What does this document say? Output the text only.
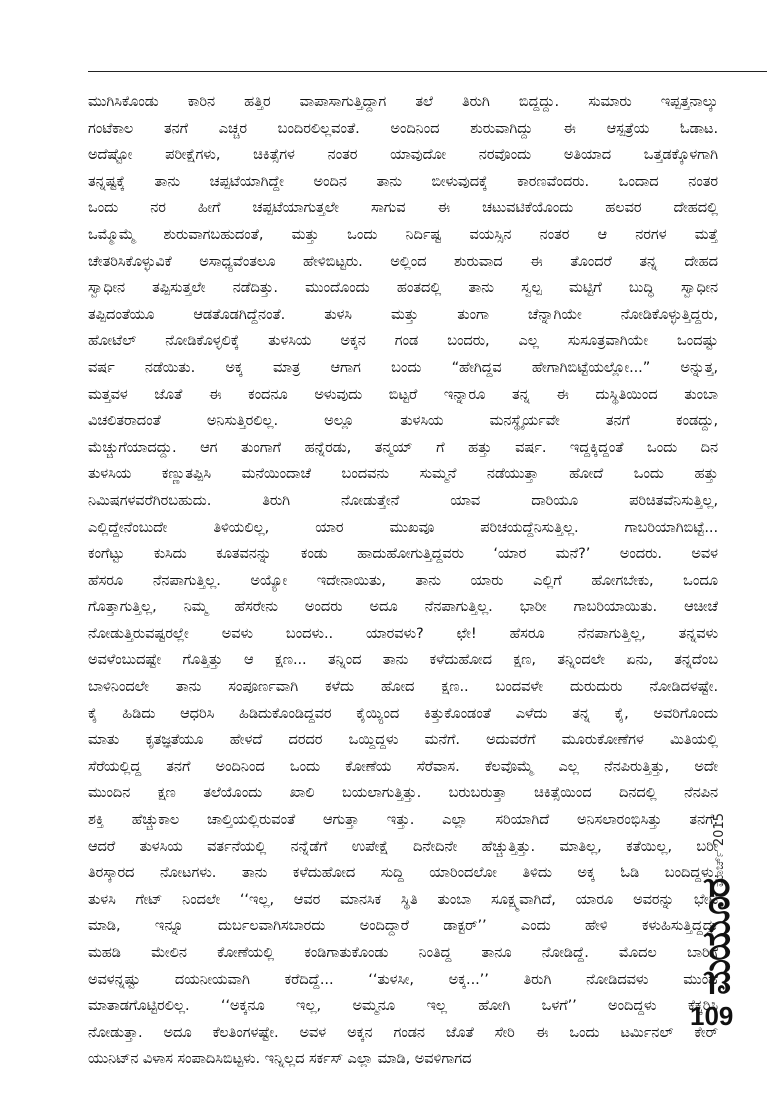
ಮುಗಿಸಿಕೊಂಡು ಕಾರಿನ ಹತ್ತಿರ ವಾಪಾಸಾಗುತ್ತಿದ್ದಾಗ ತಲೆ ತಿರುಗಿ ಬಿದ್ದದ್ದು. ಸುಮಾರು ಇಪ್ಪತ್ತನಾಲ್ಕು
ಗಂಟೆಕಾಲ ತನಗೆ ಎಚ್ಚರ ಬಂದಿರಲಿಲ್ಲವಂತೆ. ಅಂದಿನಿಂದ ಶುರುವಾಗಿದ್ದು ಈ ಆಸ್ಪತ್ರೆಯ ಓಡಾಟ.
ಅದೆಷ್ಟೋ ಪರೀಕ್ಷೆಗಳು, ಚಿಕಿತ್ಸೆಗಳ ನಂತರ ಯಾವುದೋ ನರವೊಂದು ಅತಿಯಾದ ಒತ್ತಡಕ್ಕೊಳಗಾಗಿ
ತನ್ನಷ್ಟಕ್ಕೆ ತಾನು ಚಪ್ಪಟೆಯಾಗಿದ್ದೇ ಅಂದಿನ ತಾನು ಬೀಳುವುದಕ್ಕೆ ಕಾರಣವೆಂದರು. ಒಂದಾದ ನಂತರ
ಒಂದು ನರ ಹೀಗೆ ಚಪ್ಪಟೆಯಾಗುತ್ತಲೇ ಸಾಗುವ ಈ ಚಟುವಟಿಕೆಯೊಂದು ಹಲವರ ದೇಹದಲ್ಲಿ
ಒಮ್ಮೊಮ್ಮೆ ಶುರುವಾಗಬಹುದಂತೆ, ಮತ್ತು ಒಂದು ನಿರ್ದಿಷ್ಟ ವಯಸ್ಸಿನ ನಂತರ ಆ ನರಗಳ ಮತ್ತೆ
ಚೇತರಿಸಿಕೊಳ್ಳುವಿಕೆ ಅಸಾಧ್ಯವೆಂತಲೂ ಹೇಳಿಬಿಟ್ಟರು. ಅಲ್ಲಿಂದ ಶುರುವಾದ ಈ ತೊಂದರೆ ತನ್ನ ದೇಹದ
ಸ್ವಾಧೀನ ತಪ್ಪಿಸುತ್ತಲೇ ನಡೆದಿತ್ತು. ಮುಂದೊಂದು ಹಂತದಲ್ಲಿ ತಾನು ಸ್ವಲ್ಪ ಮಟ್ಟಿಗೆ ಬುದ್ಧಿ ಸ್ವಾಧೀನ
ತಪ್ಪಿದಂತೆಯೂ ಆಡತೊಡಗಿದ್ದೆನಂತೆ. ತುಳಸಿ ಮತ್ತು ತುಂಗಾ ಚೆನ್ನಾಗಿಯೇ ನೋಡಿಕೊಳ್ಳುತ್ತಿದ್ದರು,
ಹೋಟೆಲ್ ನೋಡಿಕೊಳ್ಳಲಿಕ್ಕೆ ತುಳಸಿಯ ಅಕ್ಕನ ಗಂಡ ಬಂದರು, ಎಲ್ಲ ಸುಸೂತ್ರವಾಗಿಯೇ ಒಂದಷ್ಟು
ವರ್ಷ ನಡೆಯಿತು. ಅಕ್ಕ ಮಾತ್ರ ಆಗಾಗ ಬಂದು “ಹೇಗಿದ್ದವ ಹೇಗಾಗಿಬಿಟ್ಟೆಯಲ್ಲೋ...” ಅನ್ನುತ್ತ,
ಮತ್ತವಳ ಜೊತೆ ಈ ಕಂದನೂ ಅಳುವುದು ಬಿಟ್ಟರೆ ಇನ್ನಾರೂ ತನ್ನ ಈ ದುಸ್ಥಿತಿಯಿಂದ ತುಂಬಾ
ವಿಚಲಿತರಾದಂತೆ ಅನಿಸುತ್ತಿರಲಿಲ್ಲ. ಅಲ್ಲೂ ತುಳಸಿಯ ಮನಸ್ಥೈರ್ಯವೇ ತನಗೆ ಕಂಡದ್ದು,
ಮೆಚ್ಚುಗೆಯಾದದ್ದು. ಆಗ ತುಂಗಾಗೆ ಹನ್ನೆರಡು, ತನ್ಮಯ್ ಗೆ ಹತ್ತು ವರ್ಷ. ಇದ್ದಕ್ಕಿದ್ದಂತೆ ಒಂದು ದಿನ
ತುಳಸಿಯ ಕಣ್ಣುತಪ್ಪಿಸಿ ಮನೆಯಿಂದಾಚೆ ಬಂದವನು ಸುಮ್ಮನೆ ನಡೆಯುತ್ತಾ ಹೋದೆ ಒಂದು ಹತ್ತು
ನಿಮಿಷಗಳವರೆಗಿರಬಹುದು. ತಿರುಗಿ ನೋಡುತ್ತೇನೆ ಯಾವ ದಾರಿಯೂ ಪರಿಚಿತವೆನಿಸುತ್ತಿಲ್ಲ,
ಎಲ್ಲಿದ್ದೇನೆಂಬುದೇ ತಿಳಿಯಲಿಲ್ಲ, ಯಾರ ಮುಖವೂ ಪರಿಚಯದ್ದೆನಿಸುತ್ತಿಲ್ಲ. ಗಾಬರಿಯಾಗಿಬಿಟ್ಟೆ...
ಕಂಗೆಟ್ಟು ಕುಸಿದು ಕೂತವನನ್ನು ಕಂಡು ಹಾದುಹೋಗುತ್ತಿದ್ದವರು ‘ಯಾರ ಮನೆ?’ ಅಂದರು. ಅವಳ
ಹೆಸರೂ ನೆನಪಾಗುತ್ತಿಲ್ಲ. ಅಯ್ಯೋ ಇದೇನಾಯಿತು, ತಾನು ಯಾರು ಎಲ್ಲಿಗೆ ಹೋಗಬೇಕು, ಒಂದೂ
ಗೊತ್ತಾಗುತ್ತಿಲ್ಲ, ನಿಮ್ಮ ಹೆಸರೇನು ಅಂದರು ಅದೂ ನೆನಪಾಗುತ್ತಿಲ್ಲ. ಭಾರೀ ಗಾಬರಿಯಾಯಿತು. ಆಚೀಚೆ
ನೋಡುತ್ತಿರುವಷ್ಟರಲ್ಲೇ ಅವಳು ಬಂದಳು.. ಯಾರವಳು? ಛೇ! ಹೆಸರೂ ನೆನಪಾಗುತ್ತಿಲ್ಲ, ತನ್ನವಳು
ಅವಳೆಂಬುದಷ್ಟೇ ಗೊತ್ತಿತ್ತು ಆ ಕ್ಷಣ... ತನ್ನಿಂದ ತಾನು ಕಳೆದುಹೋದ ಕ್ಷಣ, ತನ್ನಿಂದಲೇ ಏನು, ತನ್ನದೆಂಬ
ಬಾಳಿನಿಂದಲೇ ತಾನು ಸಂಪೂರ್ಣವಾಗಿ ಕಳೆದು ಹೋದ ಕ್ಷಣ.. ಬಂದವಳೇ ದುರುದುರು ನೋಡಿದಳಷ್ಟೇ.
ಕೈ ಹಿಡಿದು ಆಧರಿಸಿ ಹಿಡಿದುಕೊಂಡಿದ್ದವರ ಕೈಯ್ಯಿಂದ ಕಿತ್ತುಕೊಂಡಂತೆ ಎಳೆದು ತನ್ನ ಕೈ, ಅವರಿಗೊಂದು
ಮಾತು ಕೃತಜ್ಞತೆಯೂ ಹೇಳದೆ ದರದರ ಒಯ್ದಿದ್ದಳು ಮನೆಗೆ. ಅದುವರೆಗೆ ಮೂರುಕೋಣೆಗಳ ಮಿತಿಯಲ್ಲಿ
ಸೆರೆಯಲ್ಲಿದ್ದ ತನಗೆ ಅಂದಿನಿಂದ ಒಂದು ಕೋಣೆಯ ಸೆರೆವಾಸ. ಕೆಲವೊಮ್ಮೆ ಎಲ್ಲ ನೆನಪಿರುತ್ತಿತ್ತು, ಅದೇ
ಮುಂದಿನ ಕ್ಷಣ ತಲೆಯೊಂದು ಖಾಲಿ ಬಯಲಾಗುತ್ತಿತ್ತು. ಬರುಬರುತ್ತಾ ಚಿಕಿತ್ಸೆಯಿಂದ ದಿನದಲ್ಲಿ ನೆನಪಿನ
ಶಕ್ತಿ ಹೆಚ್ಚುಕಾಲ ಚಾಲ್ತಿಯಲ್ಲಿರುವಂತೆ ಆಗುತ್ತಾ ಇತ್ತು. ಎಲ್ಲಾ ಸರಿಯಾಗಿದೆ ಅನಿಸಲಾರಂಭಿಸಿತ್ತು ತನಗೆ.
ಆದರೆ ತುಳಸಿಯ ವರ್ತನೆಯಲ್ಲಿ ನನ್ನೆಡೆಗೆ ಉಪೇಕ್ಷೆ ದಿನೇದಿನೇ ಹೆಚ್ಚುತ್ತಿತ್ತು. ಮಾತಿಲ್ಲ, ಕತೆಯಿಲ್ಲ, ಬರೀ
ತಿರಸ್ಕಾರದ ನೋಟಗಳು. ತಾನು ಕಳೆದುಹೋದ ಸುದ್ದಿ ಯಾರಿಂದಲೋ ತಿಳಿದು ಅಕ್ಕ ಓಡಿ ಬಂದಿದ್ದಳು.
ತುಳಸಿ ಗೇಟ್ ನಿಂದಲೇ ‘‘ಇಲ್ಲ, ಆವರ ಮಾನಸಿಕ ಸ್ಥಿತಿ ತುಂಬಾ ಸೂಕ್ಷ್ಮವಾಗಿದೆ, ಯಾರೂ ಅವರನ್ನು ಭೇಟಿ
ಮಾಡಿ, ಇನ್ನೂ ದುರ್ಬಲವಾಗಿಸಬಾರದು ಅಂದಿದ್ದಾರೆ ಡಾಕ್ಟರ್’’ ಎಂದು ಹೇಳಿ ಕಳುಹಿಸುತ್ತಿದ್ದದ್ದು
ಮಹಡಿ ಮೇಲಿನ ಕೋಣೆಯಲ್ಲಿ ಕಂಡಿಗಾತುಕೊಂಡು ನಿಂತಿದ್ದ ತಾನೂ ನೋಡಿದ್ದೆ. ಮೊದಲ ಬಾರಿಗೆ
ಅವಳನ್ನಷ್ಟು ದಯನೀಯವಾಗಿ ಕರೆದಿದ್ದೆ... ‘‘ತುಳಸೀ, ಅಕ್ಕ...’’ ತಿರುಗಿ ನೋಡಿದವಳು ಮುಂದೆ
ಮಾತಾಡಗೊಟ್ಟಿರಲಿಲ್ಲ. ‘‘ಅಕ್ಕನೂ ಇಲ್ಲ, ಅಮ್ಮನೂ ಇಲ್ಲ ಹೋಗಿ ಒಳಗೆ’’ ಅಂದಿದ್ದಳು ಕೆಕ್ಕರಿಸಿ
ನೋಡುತ್ತಾ. ಅದೂ ಕೆಲತಿಂಗಳಷ್ಟೇ. ಅವಳ ಅಕ್ಕನ ಗಂಡನ ಜೊತೆ ಸೇರಿ ಈ ಒಂದು ಟರ್ಮಿನಲ್ ಕೇರ್
ಯುನಿಟ್‌ನ ವಿಳಾಸ ಸಂಪಾದಿಸಿಬಿಟ್ಟಳು. ಇನ್ನಿಲ್ಲದ ಸರ್ಕಸ್ ಎಲ್ಲಾ ಮಾಡಿ, ಅವಳಿಗಾಗದ
ಮಾರ್ಚ್ 2015
ಮಯೂರ
109
